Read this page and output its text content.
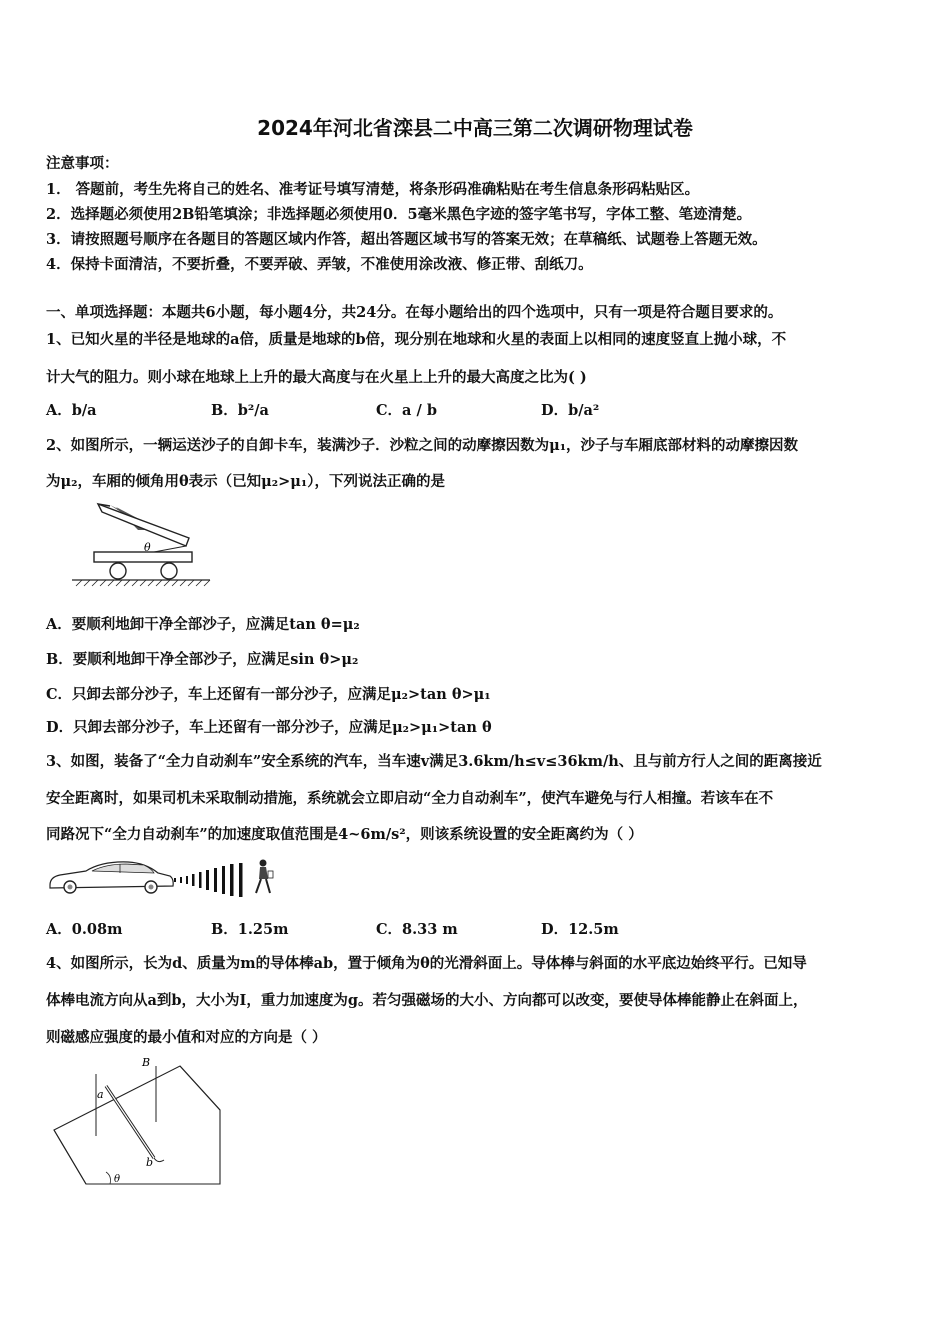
2024年河北省滦县二中高三第二次调研物理试卷
注意事项：
1． 答题前，考生先将自己的姓名、准考证号填写清楚，将条形码准确粘贴在考生信息条形码粘贴区。
2．选择题必须使用2B铅笔填涂；非选择题必须使用0．5毫米黑色字迹的签字笔书写，字体工整、笔迹清楚。
3．请按照题号顺序在各题目的答题区域内作答，超出答题区域书写的答案无效；在草稿纸、试题卷上答题无效。
4．保持卡面清洁，不要折叠，不要弄破、弄皱，不准使用涂改液、修正带、刮纸刀。
一、单项选择题：本题共6小题，每小题4分，共24分。在每小题给出的四个选项中，只有一项是符合题目要求的。
1、已知火星的半径是地球的a倍，质量是地球的b倍，现分别在地球和火星的表面上以相同的速度竖直上抛小球，不
计大气的阻力。则小球在地球上上升的最大高度与在火星上上升的最大高度之比为( )
A．b/a	B．b²/a	C．a / b	D．b/a²
2、如图所示，一辆运送沙子的自卸卡车，装满沙子．沙粒之间的动摩擦因数为μ₁，沙子与车厢底部材料的动摩擦因数
为μ₂，车厢的倾角用θ表示（已知μ₂>μ₁），下列说法正确的是
θ
A．要顺利地卸干净全部沙子，应满足tan θ=μ₂
B．要顺利地卸干净全部沙子，应满足sin θ>μ₂
C．只卸去部分沙子，车上还留有一部分沙子，应满足μ₂>tan θ>μ₁
D．只卸去部分沙子，车上还留有一部分沙子，应满足μ₂>μ₁>tan θ
3、如图，装备了“全力自动刹车”安全系统的汽车，当车速v满足3.6km/h≤v≤36km/h、且与前方行人之间的距离接近
安全距离时，如果司机未采取制动措施，系统就会立即启动“全力自动刹车”，使汽车避免与行人相撞。若该车在不
同路况下“全力自动刹车”的加速度取值范围是4~6m/s²，则该系统设置的安全距离约为（ ）
A．0.08m	B．1.25m	C．8.33 m	D．12.5m
4、如图所示，长为d、质量为m的导体棒ab，置于倾角为θ的光滑斜面上。导体棒与斜面的水平底边始终平行。已知导
体棒电流方向从a到b，大小为I，重力加速度为g。若匀强磁场的大小、方向都可以改变，要使导体棒能静止在斜面上，
则磁感应强度的最小值和对应的方向是（ ）
B
a
b
θ
